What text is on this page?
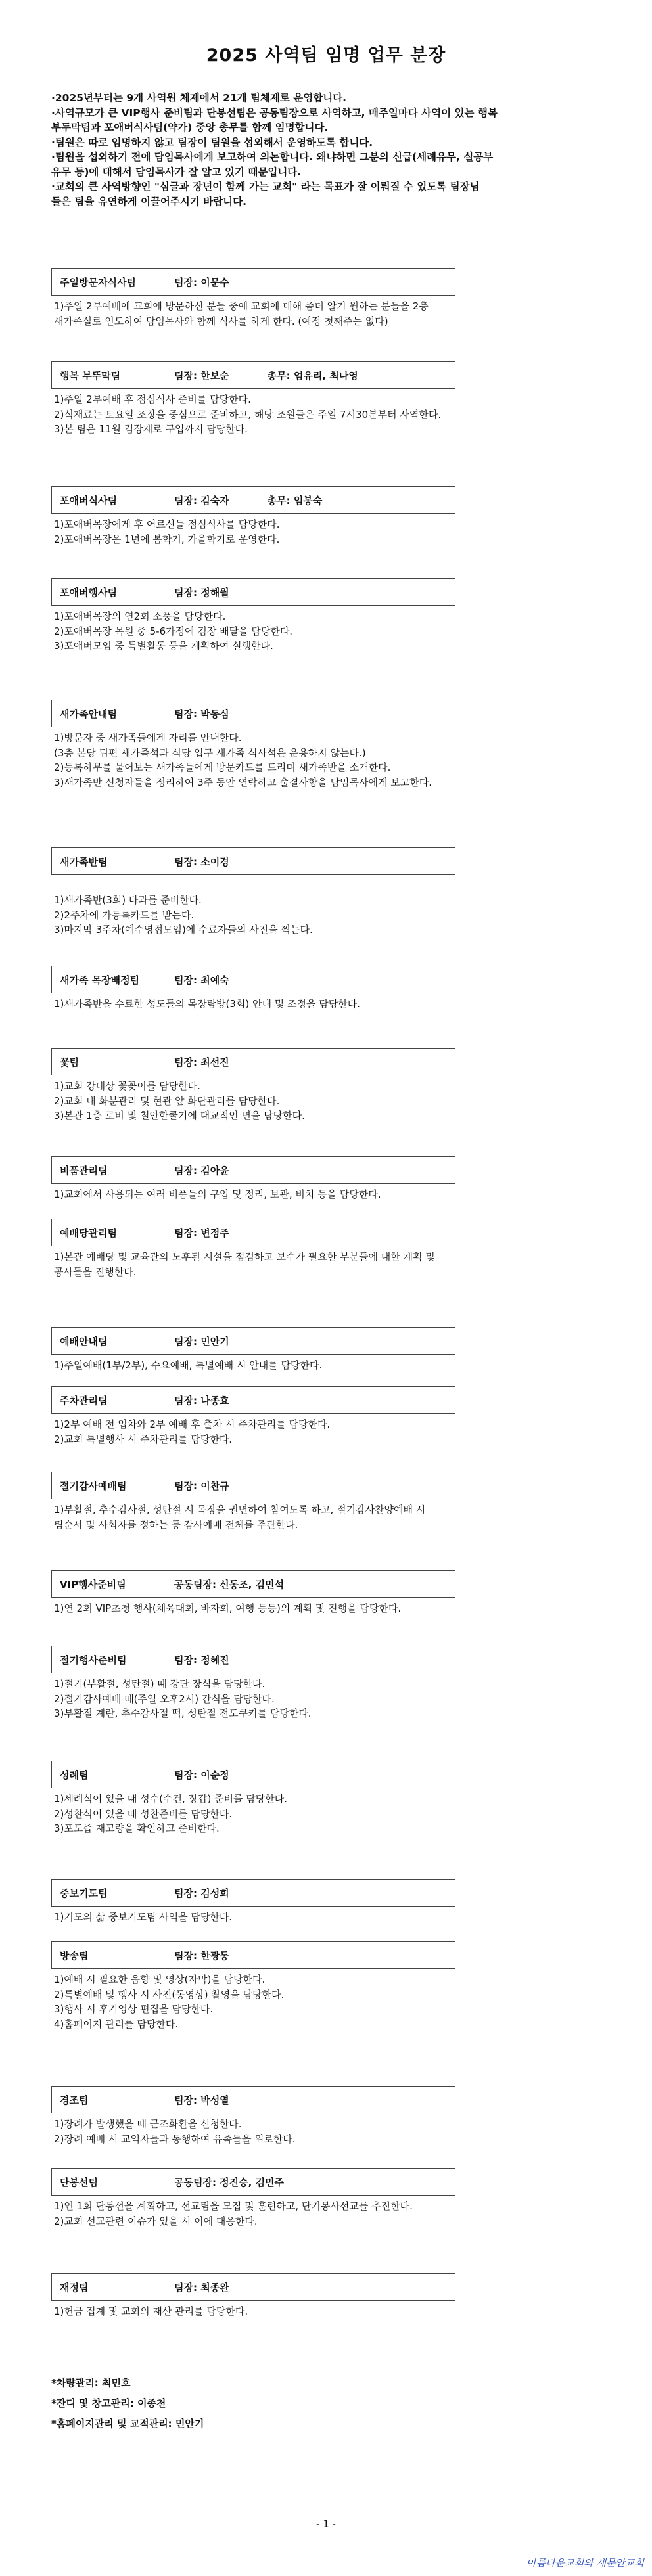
2025 사역팀 임명 업무 분장

·2025년부터는 9개 사역원 체제에서 21개 팀체제로 운영합니다.

·사역규모가 큰 VIP행사 준비팀과 단봉선팀은 공동팀장으로 사역하고, 매주일마다 사역이 있는 행복

부두막팀과 포애버식사팀(약가) 중앙 총무를 함께 임명합니다.

·팀원은 따로 임명하지 않고 팀장이 팀원을 섭외해서 운영하도록 합니다.

·팀원을 섭외하기 전에 담임목사에게 보고하여 의논합니다. 왜냐하면 그분의 신급(세례유무, 실공부

유무 등)에 대해서 담임목사가 잘 알고 있기 때문입니다.

·교회의 큰 사역방향인 "심글과 장년이 함께 가는 교회" 라는 목표가 잘 이뤄질 수 있도록 팀장님

들은 팀을 유연하게 이끌어주시기 바랍니다.

주일방문자식사팀	팀장: 이문수

1)주일 2부예배에 교회에 방문하신 분들 중에 교회에 대해 좀더 알기 원하는 분들을 2층

새가족실로 인도하여 담임목사와 함께 식사를 하게 한다. (예정 첫째주는 없다)

행복 부뚜막팀	팀장: 한보순	총무: 엄유리, 최나영

1)주일 2부예배 후 점심식사 준비를 담당한다.

2)식재료는 토요일 조장을 중심으로 준비하고, 해당 조원들은 주일 7시30분부터 사역한다.

3)본 팀은 11월 김장재로 구입까지 담당한다.

포애버식사팀	팀장: 김숙자	총무: 임봉숙

1)포애버목장에게 후 어르신들 점심식사를 담당한다.

2)포애버목장은 1년에 봄학기, 가을학기로 운영한다.

포애버행사팀	팀장: 정해월

1)포애버목장의 연2회 소풍을 담당한다.

2)포애버목장 목원 중 5-6가정에 김장 배달을 담당한다.

3)포애버모임 중 특별활동 등을 계획하여 실행한다.

새가족안내팀	팀장: 박동심

1)방문자 중 새가족들에게 자리를 안내한다.

(3층 본당 뒤편 새가족석과 식당 입구 새가족 식사석은 운용하지 않는다.)

2)등록하무를 물어보는 새가족들에게 방문카드를 드리며 새가족반을 소개한다.

3)새가족반 신청자들을 정리하여 3주 동안 연락하고 출결사항을 담임목사에게 보고한다.

새가족반팀	팀장: 소이경

1)새가족반(3회) 다과를 준비한다.

2)2주차에 가등록카드를 받는다.

3)마지막 3주차(예수영접모임)에 수료자들의 사진을 찍는다.

새가족 목장배정팀	팀장: 최예숙

1)새가족반을 수료한 성도들의 목장탐방(3회) 안내 및 조정을 담당한다.

꽃팀	팀장: 최선진

1)교회 강대상 꽃꽂이를 담당한다.

2)교회 내 화분관리 및 현관 앞 화단관리를 담당한다.

3)본관 1층 로비 및 철안한쿨기에 대교적인 면을 담당한다.

비품관리팀	팀장: 김아윤

1)교회에서 사용되는 여러 비품들의 구입 및 정리, 보관, 비치 등을 담당한다.

예배당관리팀	팀장: 변정주

1)본관 예배당 및 교육관의 노후된 시설을 점검하고 보수가 필요한 부분들에 대한 계획 및

공사들을 진행한다.

예배안내팀	팀장: 민안기

1)주일예배(1부/2부), 수요예배, 특별예배 시 안내를 담당한다.

주차관리팀	팀장: 나종효

1)2부 예배 전 입차와 2부 예배 후 출차 시 주차관리를 담당한다.

2)교회 특별행사 시 주차관리를 담당한다.

절기감사예배팀	팀장: 이찬규

1)부활절, 추수감사절, 성탄절 시 목장을 권면하여 참여도록 하고, 절기감사찬양예배 시

팀순서 및 사회자를 정하는 등 감사예배 전체를 주관한다.

VIP행사준비팀	공동팀장: 신동조, 김민석

1)연 2회 VIP초청 행사(체육대회, 바자회, 여행 등등)의 계획 및 진행을 담당한다.

절기행사준비팀	팀장: 정혜진

1)절기(부활절, 성탄절) 때 강단 장식을 담당한다.

2)절기감사예배 때(주일 오후2시) 간식을 담당한다.

3)부활절 계란, 추수감사절 떡, 성탄절 전도쿠키를 담당한다.

성례팀	팀장: 이순정

1)세례식이 있을 때 성수(수건, 장갑) 준비를 담당한다.

2)성찬식이 있을 때 성찬준비를 담당한다.

3)포도즙 재고량을 확인하고 준비한다.

중보기도팀	팀장: 김성희

1)기도의 삶 중보기도팀 사역을 담당한다.

방송팀	팀장: 한광동

1)예배 시 필요한 음향 및 영상(자막)을 담당한다.

2)특별예배 및 행사 시 사진(동영상) 촬영을 담당한다.

3)행사 시 후기영상 편집을 담당한다.

4)홈페이지 관리를 담당한다.

경조팀	팀장: 박성열

1)장례가 발생했을 때 근조화환을 신청한다.

2)장례 예배 시 교역자들과 동행하여 유족들을 위로한다.

단봉선팀	공동팀장: 정진승, 김민주

1)연 1회 단봉선을 계획하고, 선교팀을 모집 및 훈련하고, 단기봉사선교를 추진한다.

2)교회 선교관련 이슈가 있을 시 이에 대응한다.

재정팀	팀장: 최종완

1)헌금 집계 및 교회의 재산 관리를 담당한다.

*차량관리: 최민호

*잔디 및 창고관리: 이종천

*홈페이지관리 및 교적관리: 민안기

- 1 -
아름다운교회와 새문안교회
